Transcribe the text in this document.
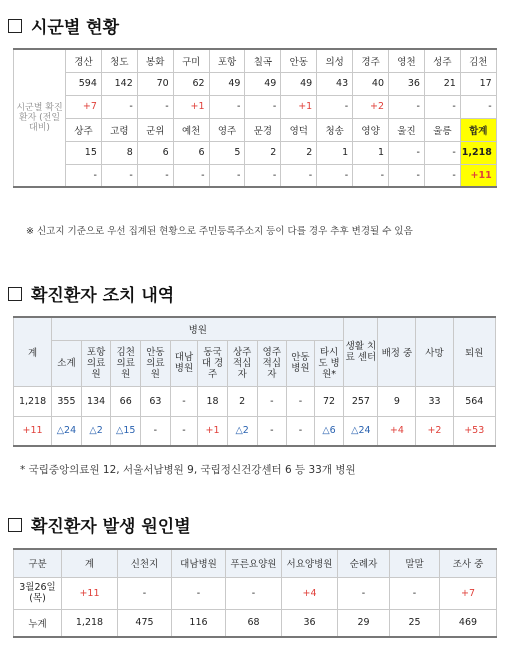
시군별 현황
시군별 확진환자 (전일대비)	경산	청도	봉화	구미	포항	칠곡	안동	의성	경주	영천	성주	김천
	594	142	70	62	49	49	49	43	40	36	21	17
	+7	-	-	+1	-	-	+1	-	+2	-	-	-
	상주	고령	군위	예천	영주	문경	영덕	청송	영양	울진	울릉	합계
	15	8	6	6	5	2	2	1	1	-	-	1,218
	-	-	-	-	-	-	-	-	-	-	-	+11
※ 신고지 기준으로 우선 집계된 현황으로 주민등록주소지 등이 다를 경우 추후 변경될 수 있음
확진환자 조치 내역
계	병원										생활 치료 센터	배정 중	사망	퇴원
	소계	포항 의료원	김천 의료원	안동 의료원	대남 병원	동국대 경주	상주 적십자	영주 적십자	안동 병원	타시도 병원*				
1,218	355	134	66	63	-	18	2	-	-	72	257	9	33	564
+11	△24	△2	△15	-	-	+1	△2	-	-	△6	△24	+4	+2	+53
* 국립중앙의료원 12, 서울서남병원 9, 국립정신건강센터 6 등 33개 병원
확진환자 발생 원인별
구분	계	신천지	대남병원	푸른요양원	서요양병원	순례자	말말	조사 중
3월26일 (목)	+11	-	-	-	+4	-	-	+7
누계	1,218	475	116	68	36	29	25	469
